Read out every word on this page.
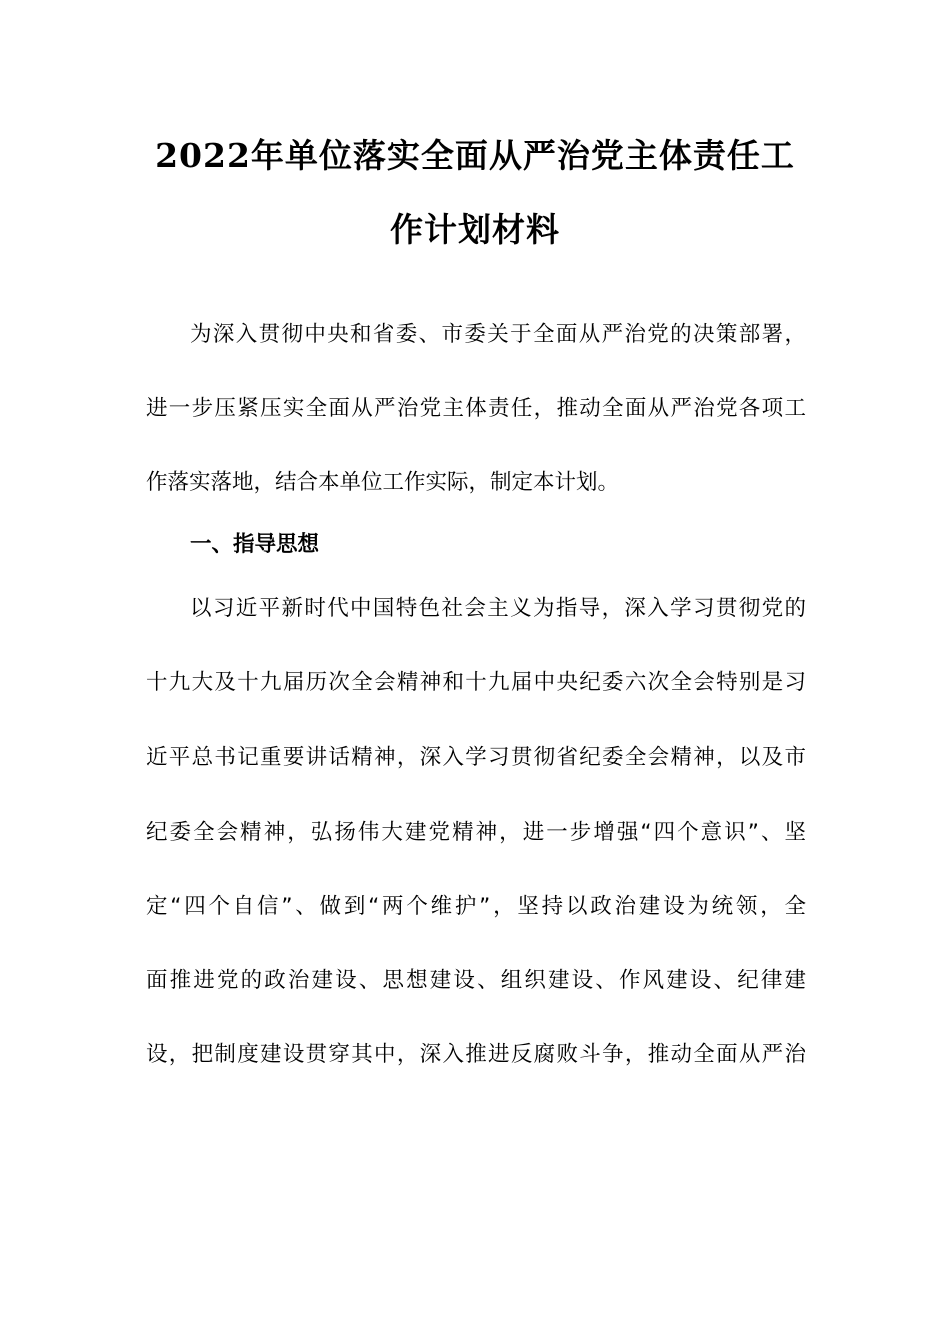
2022年单位落实全面从严治党主体责任工
作计划材料

为深入贯彻中央和省委、市委关于全面从严治党的决策部署，

进一步压紧压实全面从严治党主体责任，推动全面从严治党各项工

作落实落地，结合本单位工作实际，制定本计划。

一、指导思想

以习近平新时代中国特色社会主义为指导，深入学习贯彻党的

十九大及十九届历次全会精神和十九届中央纪委六次全会特别是习

近平总书记重要讲话精神，深入学习贯彻省纪委全会精神，以及市

纪委全会精神，弘扬伟大建党精神，进一步增强“四个意识”、坚

定“四个自信”、做到“两个维护”，坚持以政治建设为统领，全

面推进党的政治建设、思想建设、组织建设、作风建设、纪律建

设，把制度建设贯穿其中，深入推进反腐败斗争，推动全面从严治
